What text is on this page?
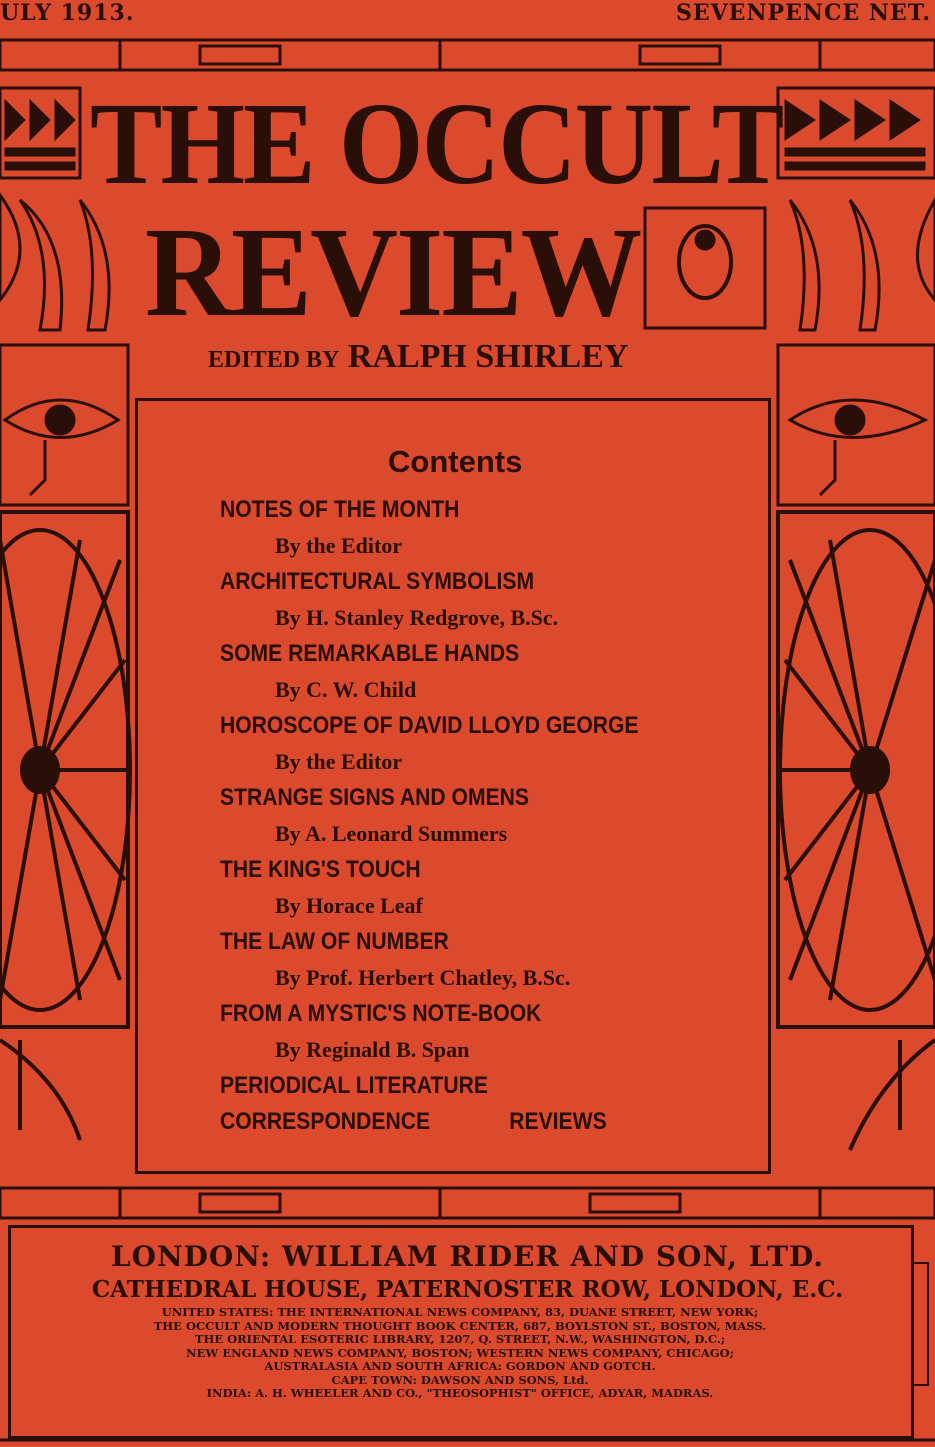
ULY 1913.	SEVENPENCE NET.
THE OCCULT
REVIEW
EDITED BY RALPH SHIRLEY
Contents
NOTES OF THE MONTH
By the Editor
ARCHITECTURAL SYMBOLISM
By H. Stanley Redgrove, B.Sc.
SOME REMARKABLE HANDS
By C. W. Child
HOROSCOPE OF DAVID LLOYD GEORGE
By the Editor
STRANGE SIGNS AND OMENS
By A. Leonard Summers
THE KING'S TOUCH
By Horace Leaf
THE LAW OF NUMBER
By Prof. Herbert Chatley, B.Sc.
FROM A MYSTIC'S NOTE-BOOK
By Reginald B. Span
PERIODICAL LITERATURE
CORRESPONDENCE	REVIEWS
LONDON: WILLIAM RIDER AND SON, LTD.
CATHEDRAL HOUSE, PATERNOSTER ROW, LONDON, E.C.
UNITED STATES: THE INTERNATIONAL NEWS COMPANY, 83, DUANE STREET, NEW YORK;
THE OCCULT AND MODERN THOUGHT BOOK CENTER, 687, BOYLSTON ST., BOSTON, MASS.
THE ORIENTAL ESOTERIC LIBRARY, 1207, Q. STREET, N.W., WASHINGTON, D.C.;
NEW ENGLAND NEWS COMPANY, BOSTON; WESTERN NEWS COMPANY, CHICAGO;
AUSTRALASIA AND SOUTH AFRICA: GORDON AND GOTCH.
CAPE TOWN: DAWSON AND SONS, Ltd.
INDIA: A. H. WHEELER AND CO., "THEOSOPHIST" OFFICE, ADYAR, MADRAS.
